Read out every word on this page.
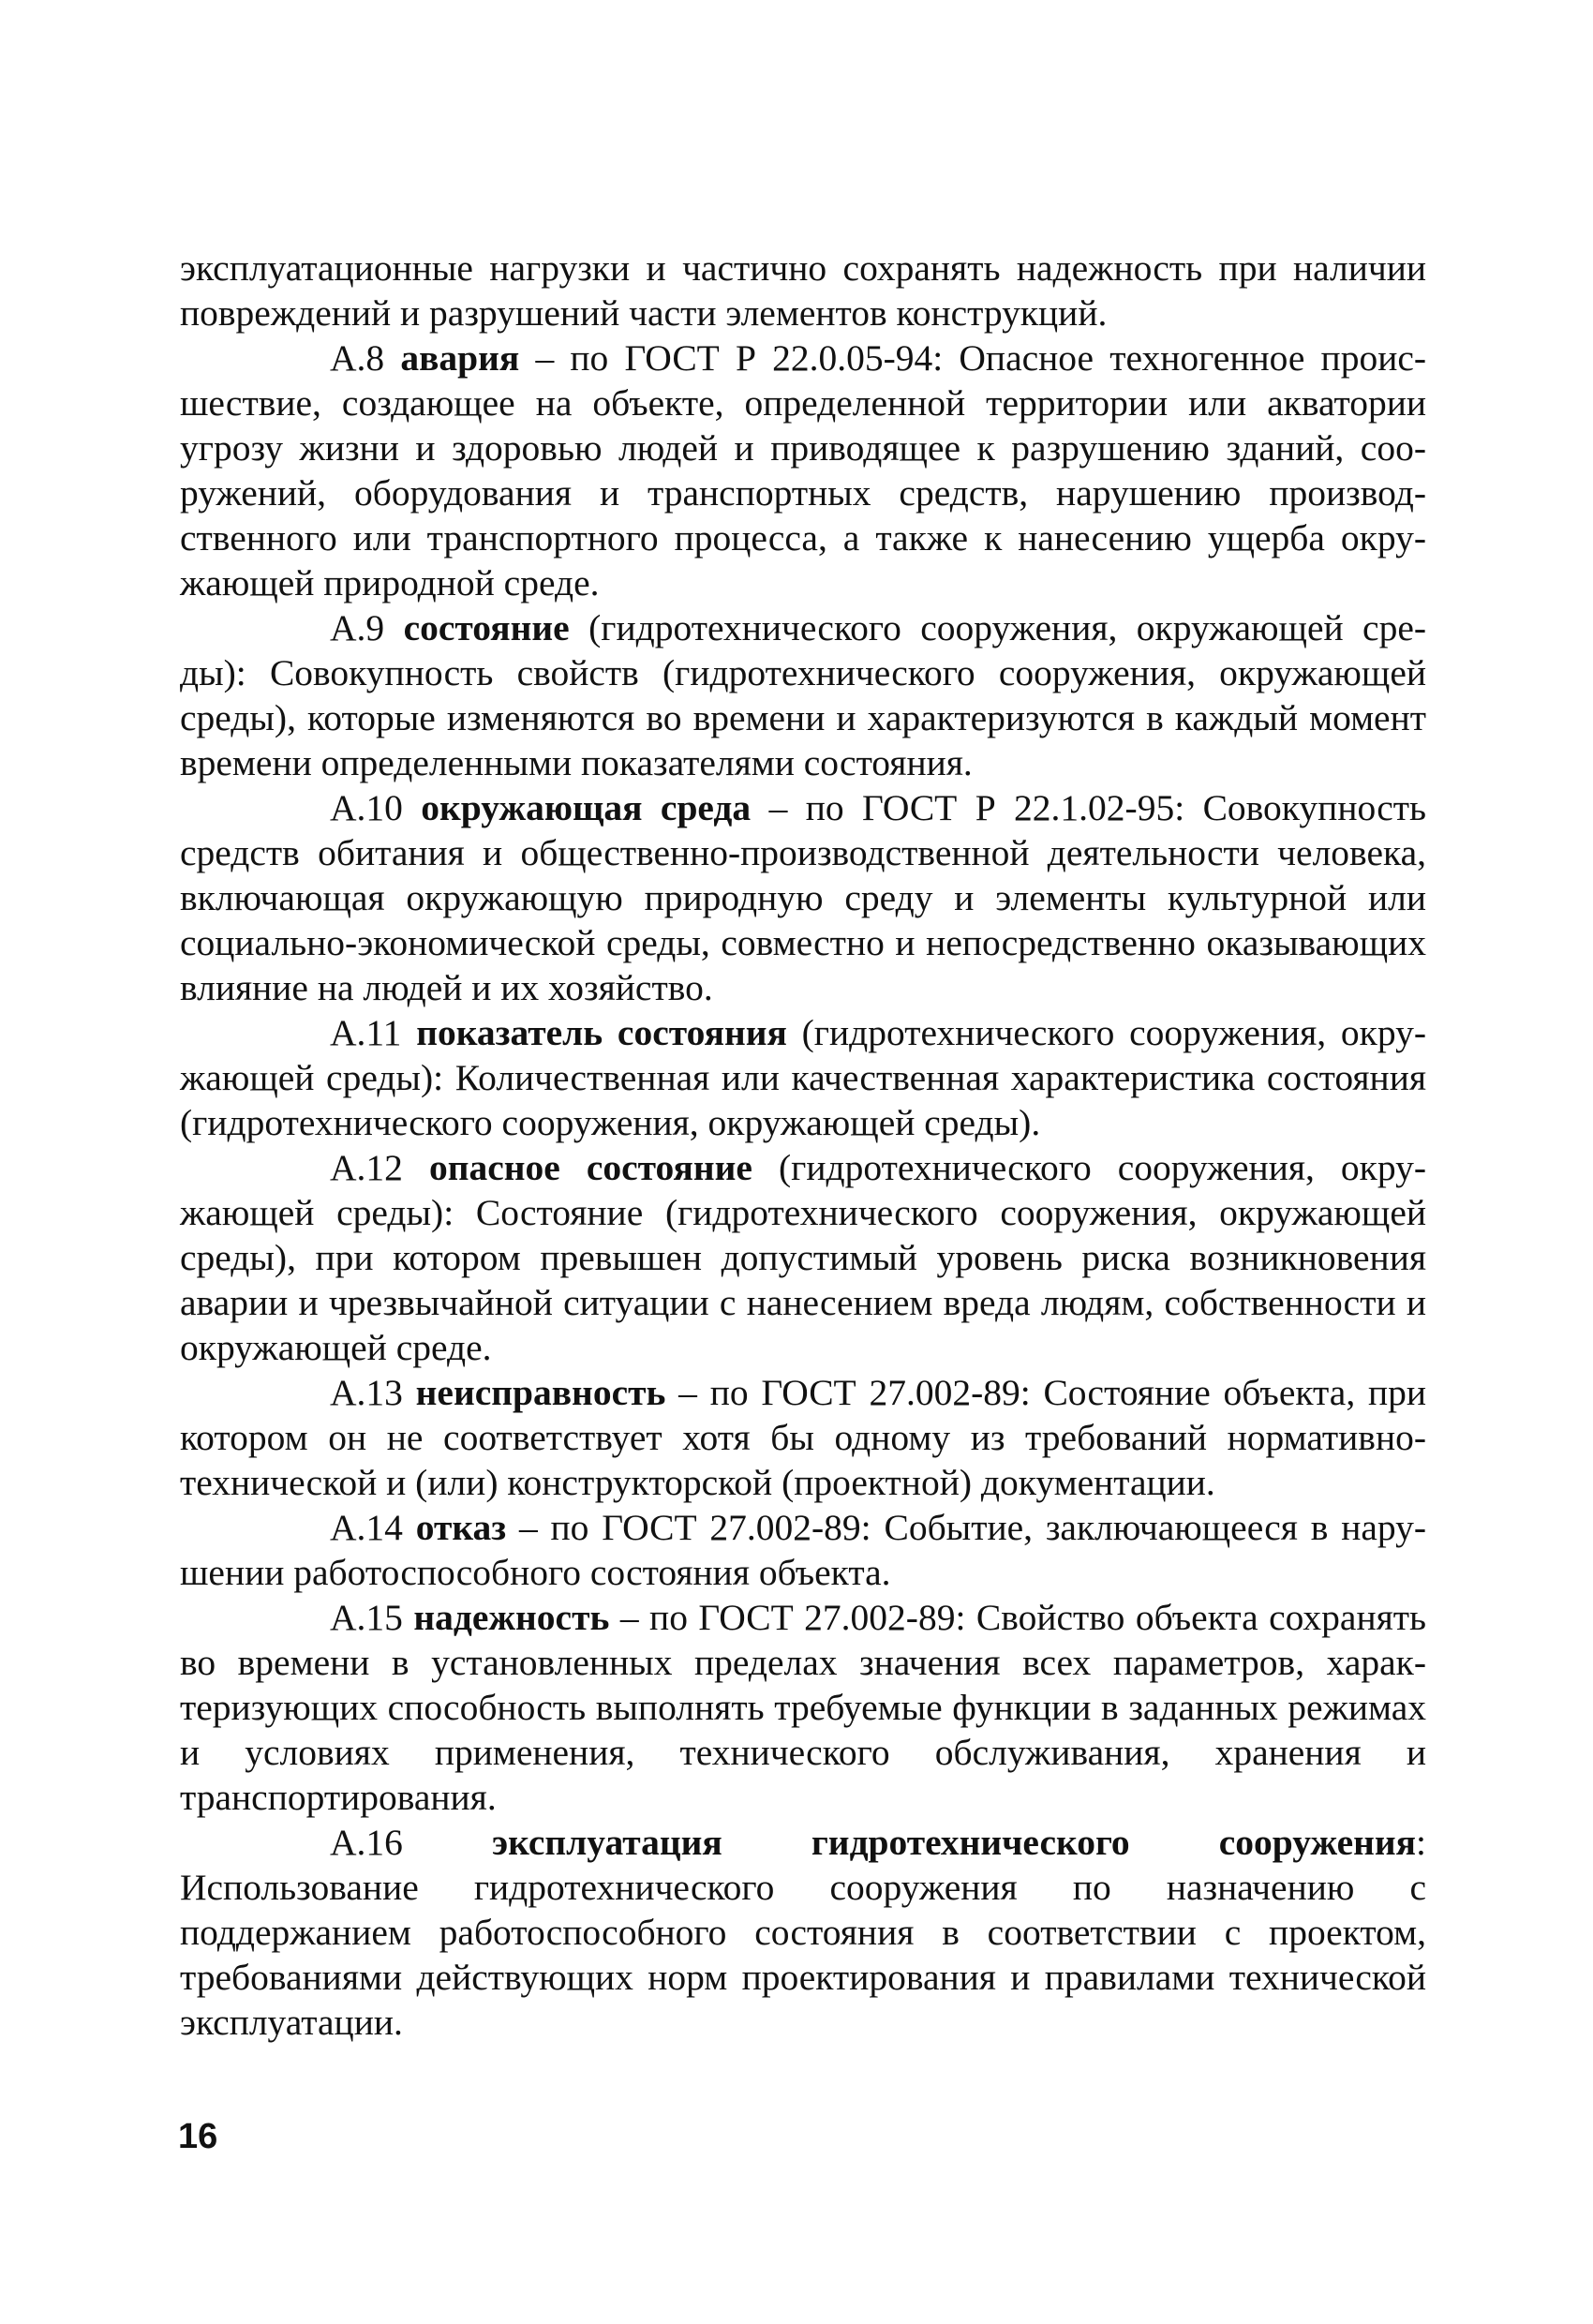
эксплуатационные нагрузки и частично сохранять надежность при наличии повреждений и разрушений части элементов конструкций.

А.8 авария – по ГОСТ Р 22.0.05-94: Опасное техногенное происшествие, создающее на объекте, определенной территории или акватории угрозу жизни и здоровью людей и приводящее к разрушению зданий, сооружений, оборудования и транспортных средств, нарушению производственного или транспортного процесса, а также к нанесению ущерба окружающей природной среде.

А.9 состояние (гидротехнического сооружения, окружающей среды): Совокупность свойств (гидротехнического сооружения, окружающей среды), которые изменяются во времени и характеризуются в каждый момент времени определенными показателями состояния.

А.10 окружающая среда – по ГОСТ Р 22.1.02-95: Совокупность средств обитания и общественно-производственной деятельности человека, включающая окружающую природную среду и элементы культурной или социально-экономической среды, совместно и непосредственно оказывающих влияние на людей и их хозяйство.

А.11 показатель состояния (гидротехнического сооружения, окружающей среды): Количественная или качественная характеристика состояния (гидротехнического сооружения, окружающей среды).

А.12 опасное состояние (гидротехнического сооружения, окружающей среды): Состояние (гидротехнического сооружения, окружающей среды), при котором превышен допустимый уровень риска возникновения аварии и чрезвычайной ситуации с нанесением вреда людям, собственности и окружающей среде.

А.13 неисправность – по ГОСТ 27.002-89: Состояние объекта, при котором он не соответствует хотя бы одному из требований нормативно-технической и (или) конструкторской (проектной) документации.

А.14 отказ – по ГОСТ 27.002-89: Событие, заключающееся в нарушении работоспособного состояния объекта.

А.15 надежность – по ГОСТ 27.002-89: Свойство объекта сохранять во времени в установленных пределах значения всех параметров, характеризующих способность выполнять требуемые функции в заданных режимах и условиях применения, технического обслуживания, хранения и транспортирования.

А.16 эксплуатация гидротехнического сооружения: Использование гидротехнического сооружения по назначению с поддержанием работоспособного состояния в соответствии с проектом, требованиями действующих норм проектирования и правилами технической эксплуатации.

16
